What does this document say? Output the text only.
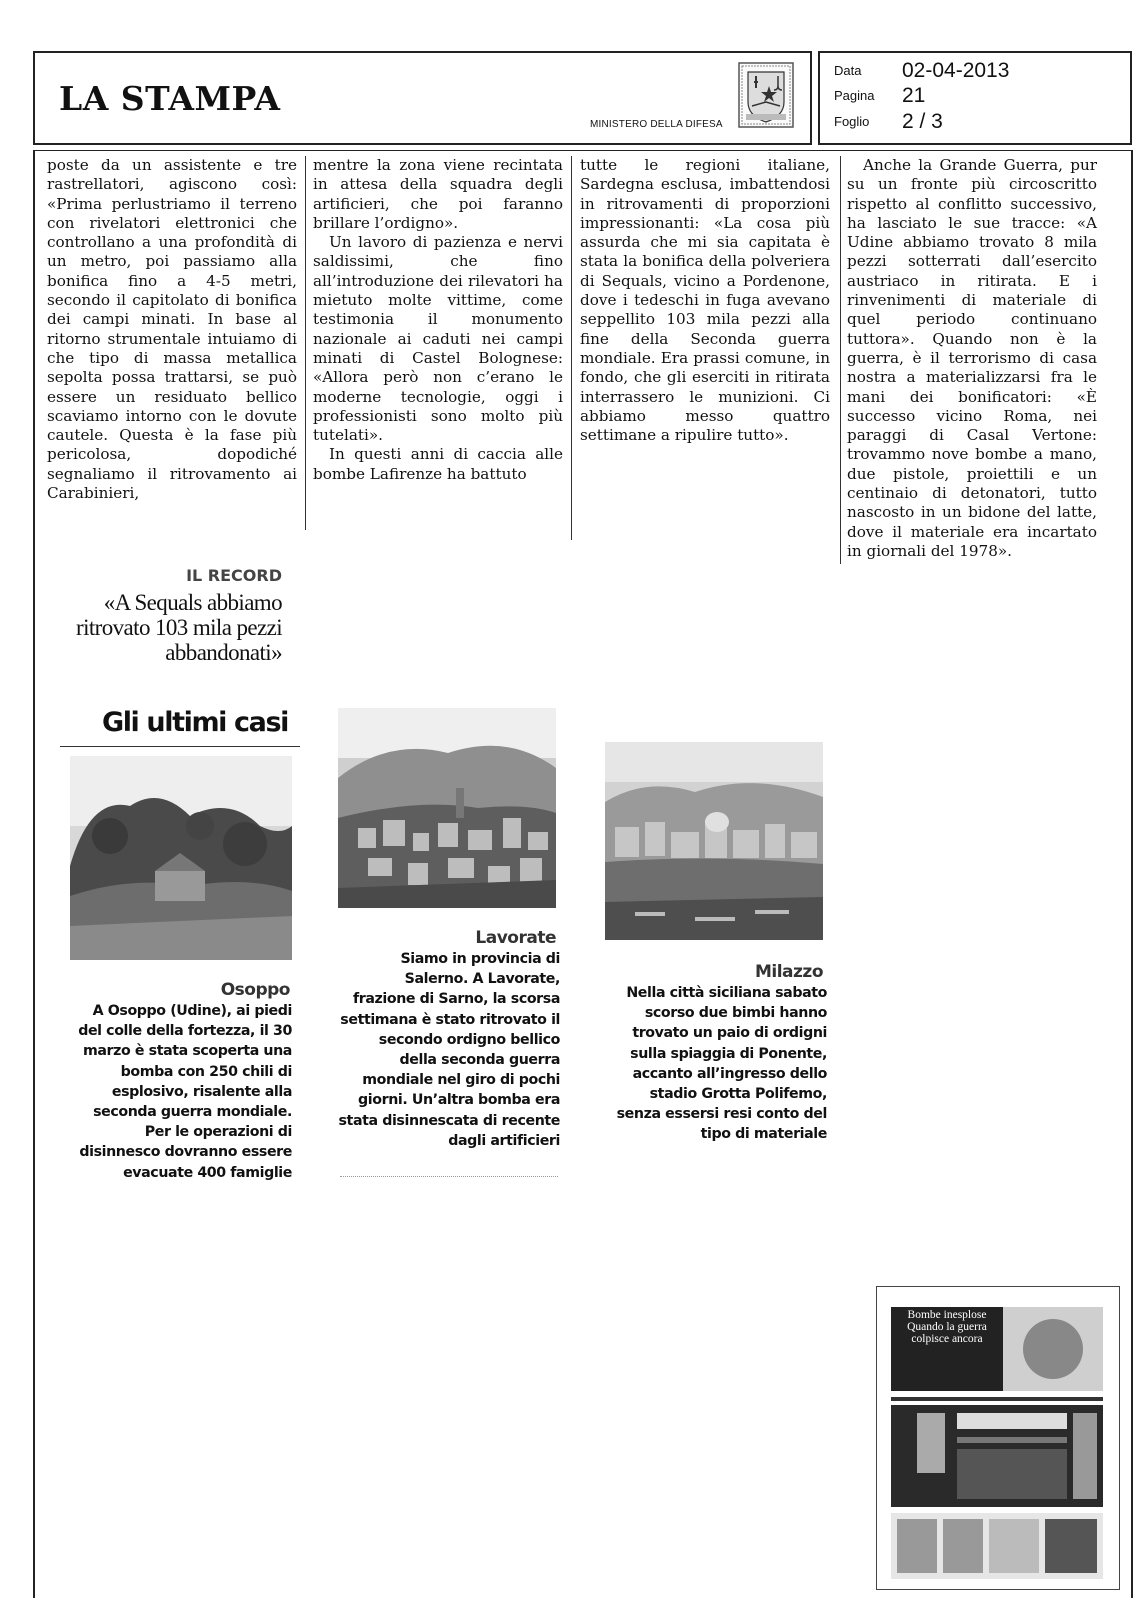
LA STAMPA
MINISTERO DELLA DIFESA
Data	02-04-2013
Pagina	21
Foglio	2 / 3

poste da un assistente e tre rastrellatori, agiscono così: «Prima perlustriamo il terreno con rivelatori elettronici che controllano a una profondità di un metro, poi passiamo alla bonifica fino a 4-5 metri, secondo il capitolato di bonifica dei campi minati. In base al ritorno strumentale intuiamo di che tipo di massa metallica sepolta possa trattarsi, se può essere un residuato bellico scaviamo intorno con le dovute cautele. Questa è la fase più pericolosa, dopodiché segnaliamo il ritrovamento ai Carabinieri,

mentre la zona viene recintata in attesa della squadra degli artificieri, che poi faranno brillare l’ordigno».

Un lavoro di pazienza e nervi saldissimi, che fino all’introduzione dei rilevatori ha mietuto molte vittime, come testimonia il monumento nazionale ai caduti nei campi minati di Castel Bolognese: «Allora però non c’erano le moderne tecnologie, oggi i professionisti sono molto più tutelati».

In questi anni di caccia alle bombe Lafirenze ha battuto

tutte le regioni italiane, Sardegna esclusa, imbattendosi in ritrovamenti di proporzioni impressionanti: «La cosa più assurda che mi sia capitata è stata la bonifica della polveriera di Sequals, vicino a Pordenone, dove i tedeschi in fuga avevano seppellito 103 mila pezzi alla fine della Seconda guerra mondiale. Era prassi comune, in fondo, che gli eserciti in ritirata interrassero le munizioni. Ci abbiamo messo quattro settimane a ripulire tutto».

Anche la Grande Guerra, pur su un fronte più circoscritto rispetto al conflitto successivo, ha lasciato le sue tracce: «A Udine abbiamo trovato 8 mila pezzi sotterrati dall’esercito austriaco in ritirata. E i rinvenimenti di materiale di quel periodo continuano tuttora». Quando non è la guerra, è il terrorismo di casa nostra a materializzarsi fra le mani dei bonificatori: «È successo vicino Roma, nei paraggi di Casal Vertone: trovammo nove bombe a mano, due pistole, proiettili e un centinaio di detonatori, tutto nascosto in un bidone del latte, dove il materiale era incartato in giornali del 1978».

IL RECORD
«A Sequals abbiamo ritrovato 103 mila pezzi abbandonati»
Gli ultimi casi
Osoppo
A Osoppo (Udine), ai piedi del colle della fortezza, il 30 marzo è stata scoperta una bomba con 250 chili di esplosivo, risalente alla seconda guerra mondiale. Per le operazioni di disinnesco dovranno essere evacuate 400 famiglie
Lavorate
Siamo in provincia di Salerno. A Lavorate, frazione di Sarno, la scorsa settimana è stato ritrovato il secondo ordigno bellico della seconda guerra mondiale nel giro di pochi giorni. Un’altra bomba era stata disinnescata di recente dagli artificieri
Milazzo
Nella città siciliana sabato scorso due bimbi hanno trovato un paio di ordigni sulla spiaggia di Ponente, accanto all’ingresso dello stadio Grotta Polifemo, senza essersi resi conto del tipo di materiale
Bombe inesplose Quando la guerra colpisce ancora
